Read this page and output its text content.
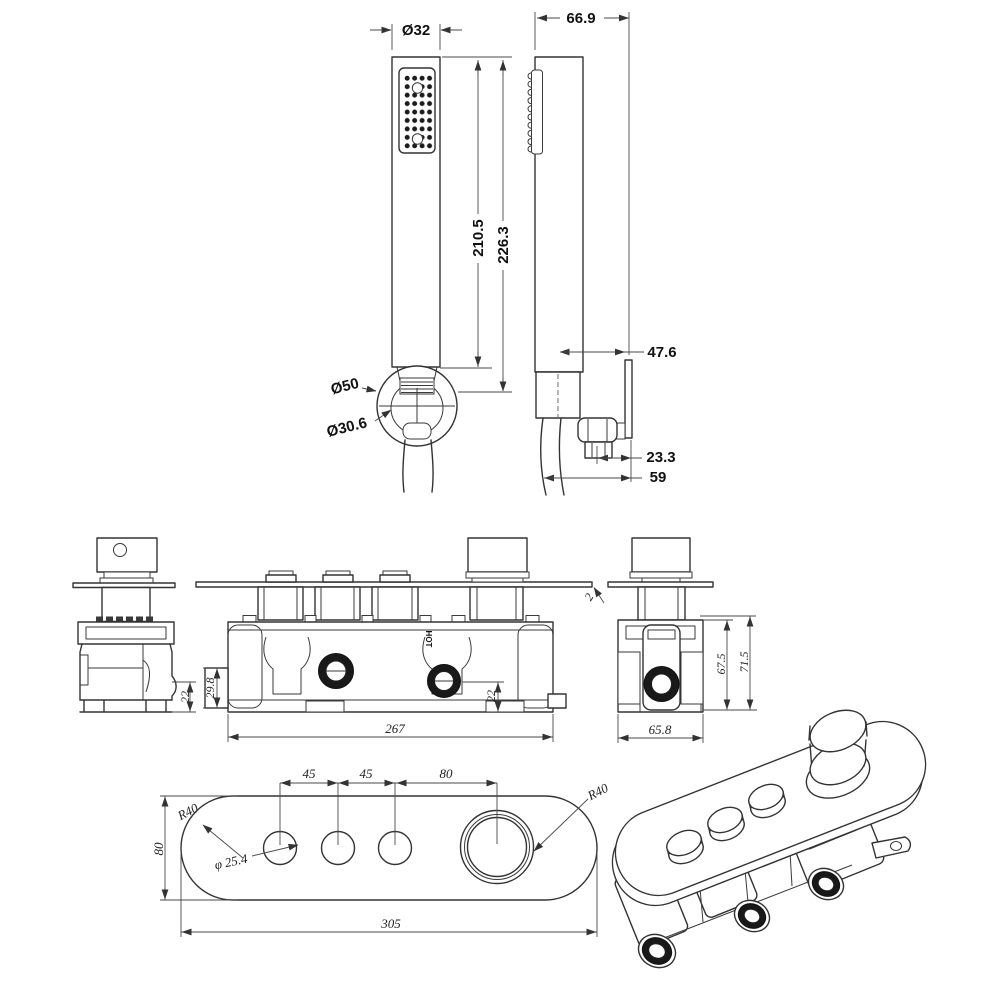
Ø32
210.5 226.3
Ø50
Ø30.6
66.9
47.6
23.3
59
22
HOT
29.8	22
267
2
65.8
67.5 71.5
45	45	80
R40
R40
φ 25.4
80
305
